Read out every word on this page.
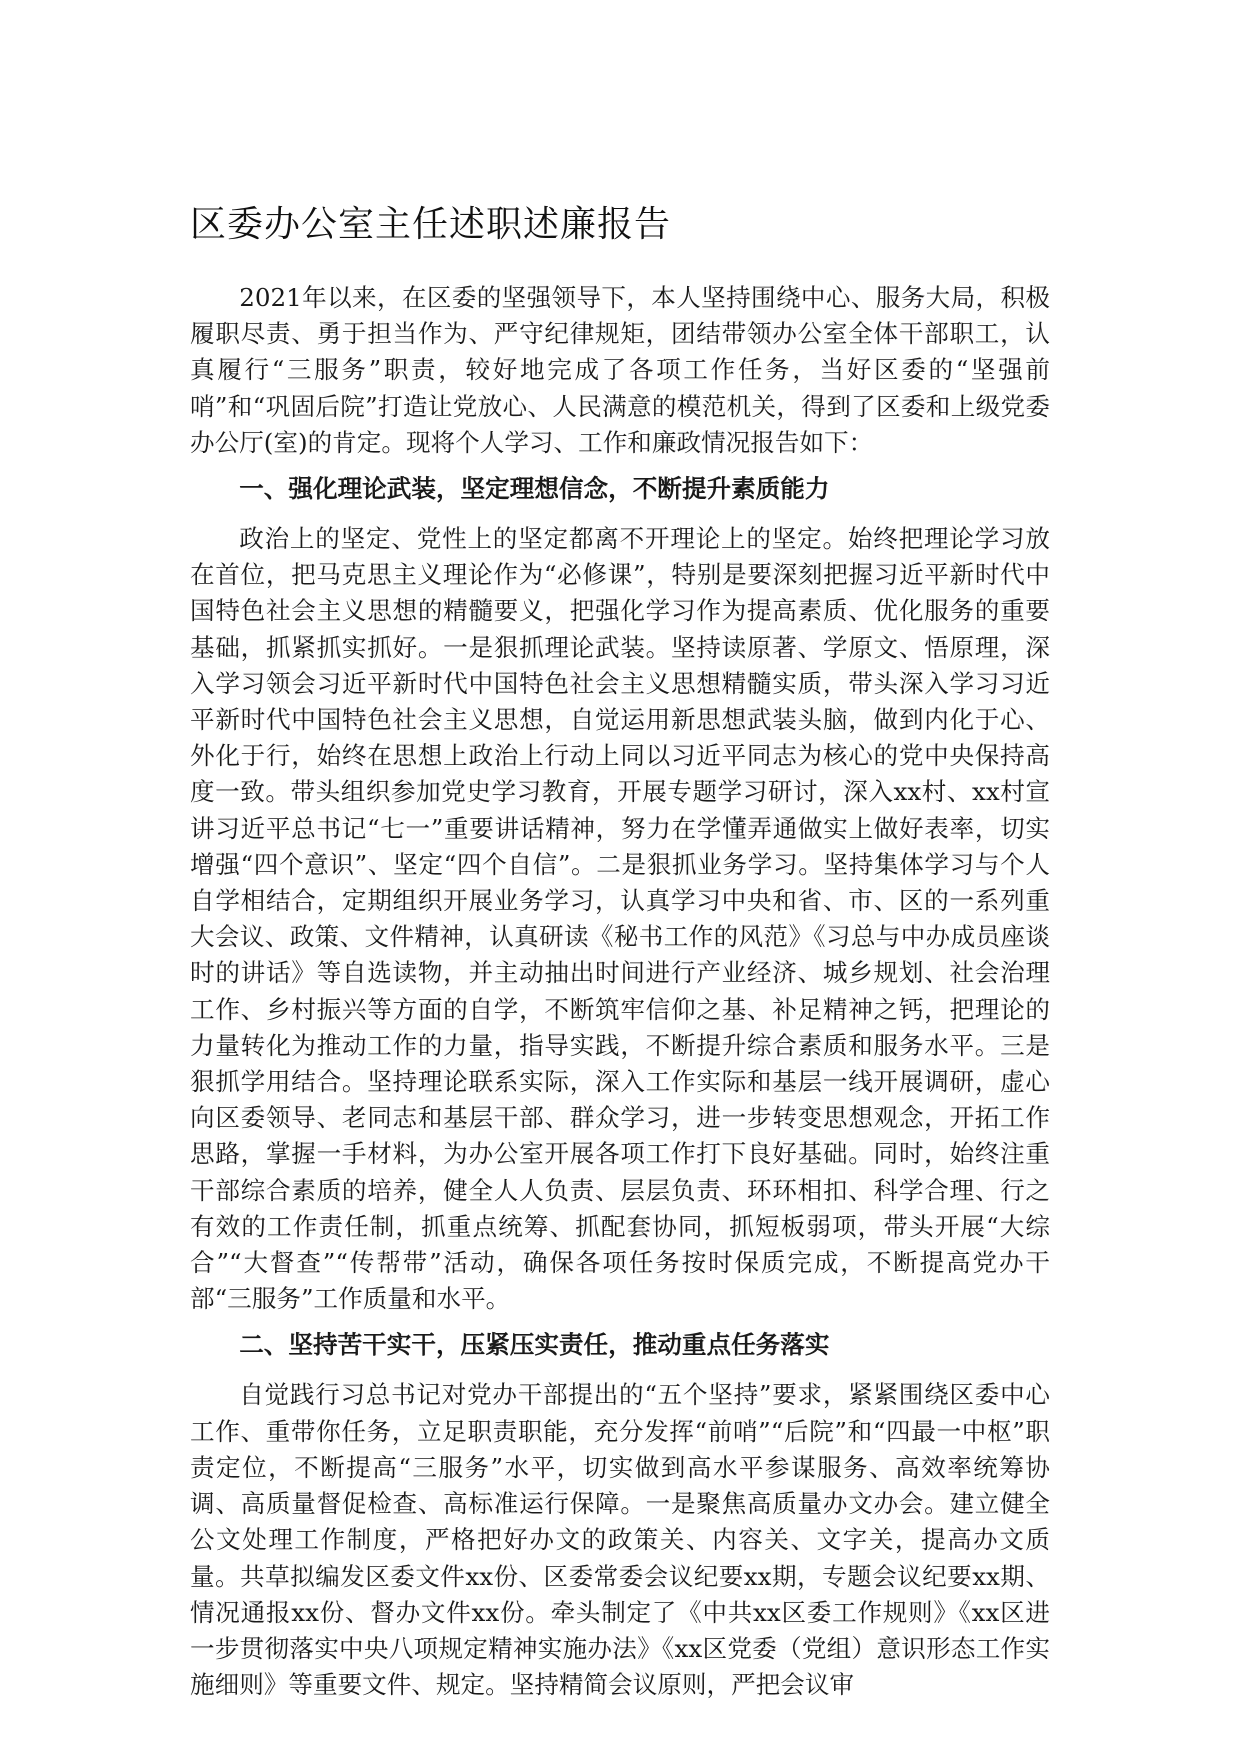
区委办公室主任述职述廉报告

2021年以来，在区委的坚强领导下，本人坚持围绕中心、服务大局，积极履职尽责、勇于担当作为、严守纪律规矩，团结带领办公室全体干部职工，认真履行“三服务”职责，较好地完成了各项工作任务，当好区委的“坚强前哨”和“巩固后院”打造让党放心、人民满意的模范机关，得到了区委和上级党委办公厅(室)的肯定。现将个人学习、工作和廉政情况报告如下：

一、强化理论武装，坚定理想信念，不断提升素质能力

政治上的坚定、党性上的坚定都离不开理论上的坚定。始终把理论学习放在首位，把马克思主义理论作为“必修课”，特别是要深刻把握习近平新时代中国特色社会主义思想的精髓要义，把强化学习作为提高素质、优化服务的重要基础，抓紧抓实抓好。一是狠抓理论武装。坚持读原著、学原文、悟原理，深入学习领会习近平新时代中国特色社会主义思想精髓实质，带头深入学习习近平新时代中国特色社会主义思想，自觉运用新思想武装头脑，做到内化于心、外化于行，始终在思想上政治上行动上同以习近平同志为核心的党中央保持高度一致。带头组织参加党史学习教育，开展专题学习研讨，深入xx村、xx村宣讲习近平总书记“七一”重要讲话精神，努力在学懂弄通做实上做好表率，切实增强“四个意识”、坚定“四个自信”。二是狠抓业务学习。坚持集体学习与个人自学相结合，定期组织开展业务学习，认真学习中央和省、市、区的一系列重大会议、政策、文件精神，认真研读《秘书工作的风范》《习总与中办成员座谈时的讲话》等自选读物，并主动抽出时间进行产业经济、城乡规划、社会治理工作、乡村振兴等方面的自学，不断筑牢信仰之基、补足精神之钙，把理论的力量转化为推动工作的力量，指导实践，不断提升综合素质和服务水平。三是狠抓学用结合。坚持理论联系实际，深入工作实际和基层一线开展调研，虚心向区委领导、老同志和基层干部、群众学习，进一步转变思想观念，开拓工作思路，掌握一手材料，为办公室开展各项工作打下良好基础。同时，始终注重干部综合素质的培养，健全人人负责、层层负责、环环相扣、科学合理、行之有效的工作责任制，抓重点统筹、抓配套协同，抓短板弱项，带头开展“大综合”“大督查”“传帮带”活动，确保各项任务按时保质完成，不断提高党办干部“三服务”工作质量和水平。

二、坚持苦干实干，压紧压实责任，推动重点任务落实

自觉践行习总书记对党办干部提出的“五个坚持”要求，紧紧围绕区委中心工作、重带你任务，立足职责职能，充分发挥“前哨”“后院”和“四最一中枢”职责定位，不断提高“三服务”水平，切实做到高水平参谋服务、高效率统筹协调、高质量督促检查、高标准运行保障。一是聚焦高质量办文办会。建立健全公文处理工作制度，严格把好办文的政策关、内容关、文字关，提高办文质量。共草拟编发区委文件xx份、区委常委会议纪要xx期，专题会议纪要xx期、情况通报xx份、督办文件xx份。牵头制定了《中共xx区委工作规则》《xx区进一步贯彻落实中央八项规定精神实施办法》《xx区党委（党组）意识形态工作实施细则》等重要文件、规定。坚持精简会议原则，严把会议审
